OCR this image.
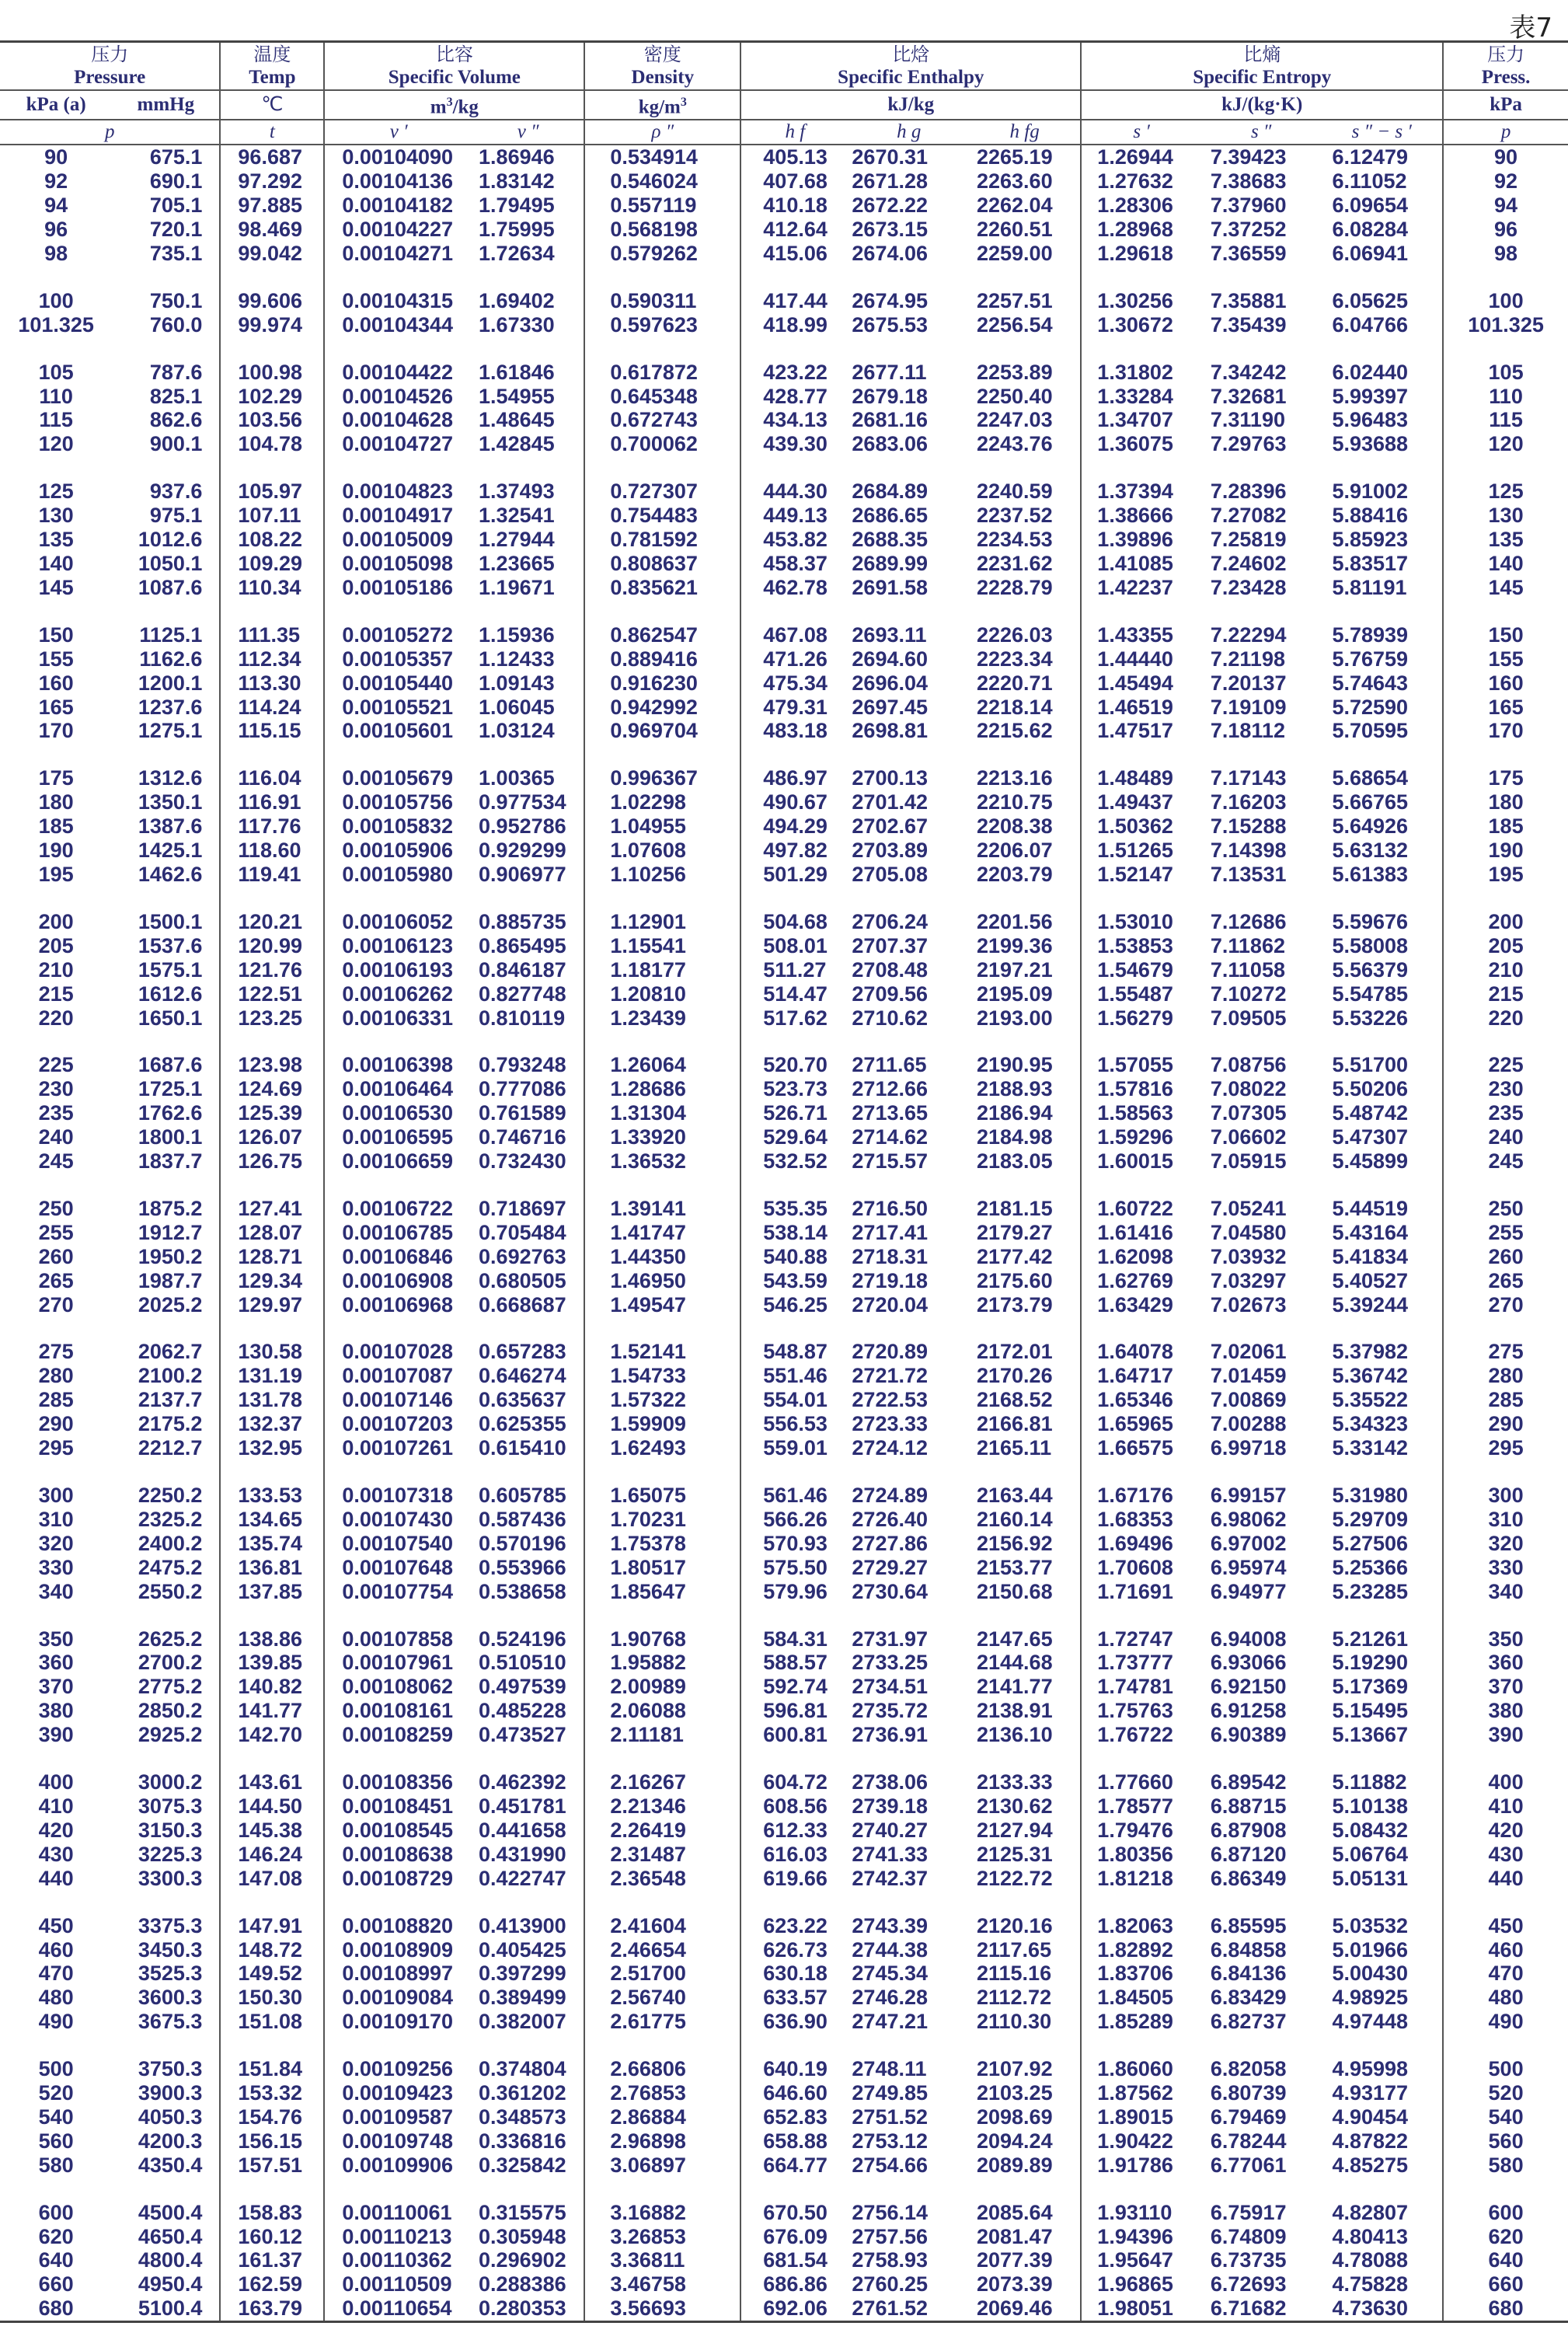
表7
压力		温度	比容		密度	比焓			比熵			压力
Pressure		Temp	Specific Volume		Density	Specific Enthalpy			Specific Entropy			Press.
kPa (a)	mmHg	℃	$m^3/kg$		$kg/m^3$	kJ/kg			kJ/(kg·K)			kPa
p		t	v ′	v ″	ρ ″	h f	h g	h fg	s ′	s ″	s ″ − s ′	p
90	675.1	96.687	0.00104090	1.86946	0.534914	405.13	2670.31	2265.19	1.26944	7.39423	6.12479	90
92	690.1	97.292	0.00104136	1.83142	0.546024	407.68	2671.28	2263.60	1.27632	7.38683	6.11052	92
94	705.1	97.885	0.00104182	1.79495	0.557119	410.18	2672.22	2262.04	1.28306	7.37960	6.09654	94
96	720.1	98.469	0.00104227	1.75995	0.568198	412.64	2673.15	2260.51	1.28968	7.37252	6.08284	96
98	735.1	99.042	0.00104271	1.72634	0.579262	415.06	2674.06	2259.00	1.29618	7.36559	6.06941	98

100	750.1	99.606	0.00104315	1.69402	0.590311	417.44	2674.95	2257.51	1.30256	7.35881	6.05625	100
101.325	760.0	99.974	0.00104344	1.67330	0.597623	418.99	2675.53	2256.54	1.30672	7.35439	6.04766	101.325

105	787.6	100.98	0.00104422	1.61846	0.617872	423.22	2677.11	2253.89	1.31802	7.34242	6.02440	105
110	825.1	102.29	0.00104526	1.54955	0.645348	428.77	2679.18	2250.40	1.33284	7.32681	5.99397	110
115	862.6	103.56	0.00104628	1.48645	0.672743	434.13	2681.16	2247.03	1.34707	7.31190	5.96483	115
120	900.1	104.78	0.00104727	1.42845	0.700062	439.30	2683.06	2243.76	1.36075	7.29763	5.93688	120

125	937.6	105.97	0.00104823	1.37493	0.727307	444.30	2684.89	2240.59	1.37394	7.28396	5.91002	125
130	975.1	107.11	0.00104917	1.32541	0.754483	449.13	2686.65	2237.52	1.38666	7.27082	5.88416	130
135	1012.6	108.22	0.00105009	1.27944	0.781592	453.82	2688.35	2234.53	1.39896	7.25819	5.85923	135
140	1050.1	109.29	0.00105098	1.23665	0.808637	458.37	2689.99	2231.62	1.41085	7.24602	5.83517	140
145	1087.6	110.34	0.00105186	1.19671	0.835621	462.78	2691.58	2228.79	1.42237	7.23428	5.81191	145

150	1125.1	111.35	0.00105272	1.15936	0.862547	467.08	2693.11	2226.03	1.43355	7.22294	5.78939	150
155	1162.6	112.34	0.00105357	1.12433	0.889416	471.26	2694.60	2223.34	1.44440	7.21198	5.76759	155
160	1200.1	113.30	0.00105440	1.09143	0.916230	475.34	2696.04	2220.71	1.45494	7.20137	5.74643	160
165	1237.6	114.24	0.00105521	1.06045	0.942992	479.31	2697.45	2218.14	1.46519	7.19109	5.72590	165
170	1275.1	115.15	0.00105601	1.03124	0.969704	483.18	2698.81	2215.62	1.47517	7.18112	5.70595	170

175	1312.6	116.04	0.00105679	1.00365	0.996367	486.97	2700.13	2213.16	1.48489	7.17143	5.68654	175
180	1350.1	116.91	0.00105756	0.977534	1.02298	490.67	2701.42	2210.75	1.49437	7.16203	5.66765	180
185	1387.6	117.76	0.00105832	0.952786	1.04955	494.29	2702.67	2208.38	1.50362	7.15288	5.64926	185
190	1425.1	118.60	0.00105906	0.929299	1.07608	497.82	2703.89	2206.07	1.51265	7.14398	5.63132	190
195	1462.6	119.41	0.00105980	0.906977	1.10256	501.29	2705.08	2203.79	1.52147	7.13531	5.61383	195

200	1500.1	120.21	0.00106052	0.885735	1.12901	504.68	2706.24	2201.56	1.53010	7.12686	5.59676	200
205	1537.6	120.99	0.00106123	0.865495	1.15541	508.01	2707.37	2199.36	1.53853	7.11862	5.58008	205
210	1575.1	121.76	0.00106193	0.846187	1.18177	511.27	2708.48	2197.21	1.54679	7.11058	5.56379	210
215	1612.6	122.51	0.00106262	0.827748	1.20810	514.47	2709.56	2195.09	1.55487	7.10272	5.54785	215
220	1650.1	123.25	0.00106331	0.810119	1.23439	517.62	2710.62	2193.00	1.56279	7.09505	5.53226	220

225	1687.6	123.98	0.00106398	0.793248	1.26064	520.70	2711.65	2190.95	1.57055	7.08756	5.51700	225
230	1725.1	124.69	0.00106464	0.777086	1.28686	523.73	2712.66	2188.93	1.57816	7.08022	5.50206	230
235	1762.6	125.39	0.00106530	0.761589	1.31304	526.71	2713.65	2186.94	1.58563	7.07305	5.48742	235
240	1800.1	126.07	0.00106595	0.746716	1.33920	529.64	2714.62	2184.98	1.59296	7.06602	5.47307	240
245	1837.7	126.75	0.00106659	0.732430	1.36532	532.52	2715.57	2183.05	1.60015	7.05915	5.45899	245

250	1875.2	127.41	0.00106722	0.718697	1.39141	535.35	2716.50	2181.15	1.60722	7.05241	5.44519	250
255	1912.7	128.07	0.00106785	0.705484	1.41747	538.14	2717.41	2179.27	1.61416	7.04580	5.43164	255
260	1950.2	128.71	0.00106846	0.692763	1.44350	540.88	2718.31	2177.42	1.62098	7.03932	5.41834	260
265	1987.7	129.34	0.00106908	0.680505	1.46950	543.59	2719.18	2175.60	1.62769	7.03297	5.40527	265
270	2025.2	129.97	0.00106968	0.668687	1.49547	546.25	2720.04	2173.79	1.63429	7.02673	5.39244	270

275	2062.7	130.58	0.00107028	0.657283	1.52141	548.87	2720.89	2172.01	1.64078	7.02061	5.37982	275
280	2100.2	131.19	0.00107087	0.646274	1.54733	551.46	2721.72	2170.26	1.64717	7.01459	5.36742	280
285	2137.7	131.78	0.00107146	0.635637	1.57322	554.01	2722.53	2168.52	1.65346	7.00869	5.35522	285
290	2175.2	132.37	0.00107203	0.625355	1.59909	556.53	2723.33	2166.81	1.65965	7.00288	5.34323	290
295	2212.7	132.95	0.00107261	0.615410	1.62493	559.01	2724.12	2165.11	1.66575	6.99718	5.33142	295

300	2250.2	133.53	0.00107318	0.605785	1.65075	561.46	2724.89	2163.44	1.67176	6.99157	5.31980	300
310	2325.2	134.65	0.00107430	0.587436	1.70231	566.26	2726.40	2160.14	1.68353	6.98062	5.29709	310
320	2400.2	135.74	0.00107540	0.570196	1.75378	570.93	2727.86	2156.92	1.69496	6.97002	5.27506	320
330	2475.2	136.81	0.00107648	0.553966	1.80517	575.50	2729.27	2153.77	1.70608	6.95974	5.25366	330
340	2550.2	137.85	0.00107754	0.538658	1.85647	579.96	2730.64	2150.68	1.71691	6.94977	5.23285	340

350	2625.2	138.86	0.00107858	0.524196	1.90768	584.31	2731.97	2147.65	1.72747	6.94008	5.21261	350
360	2700.2	139.85	0.00107961	0.510510	1.95882	588.57	2733.25	2144.68	1.73777	6.93066	5.19290	360
370	2775.2	140.82	0.00108062	0.497539	2.00989	592.74	2734.51	2141.77	1.74781	6.92150	5.17369	370
380	2850.2	141.77	0.00108161	0.485228	2.06088	596.81	2735.72	2138.91	1.75763	6.91258	5.15495	380
390	2925.2	142.70	0.00108259	0.473527	2.11181	600.81	2736.91	2136.10	1.76722	6.90389	5.13667	390

400	3000.2	143.61	0.00108356	0.462392	2.16267	604.72	2738.06	2133.33	1.77660	6.89542	5.11882	400
410	3075.3	144.50	0.00108451	0.451781	2.21346	608.56	2739.18	2130.62	1.78577	6.88715	5.10138	410
420	3150.3	145.38	0.00108545	0.441658	2.26419	612.33	2740.27	2127.94	1.79476	6.87908	5.08432	420
430	3225.3	146.24	0.00108638	0.431990	2.31487	616.03	2741.33	2125.31	1.80356	6.87120	5.06764	430
440	3300.3	147.08	0.00108729	0.422747	2.36548	619.66	2742.37	2122.72	1.81218	6.86349	5.05131	440

450	3375.3	147.91	0.00108820	0.413900	2.41604	623.22	2743.39	2120.16	1.82063	6.85595	5.03532	450
460	3450.3	148.72	0.00108909	0.405425	2.46654	626.73	2744.38	2117.65	1.82892	6.84858	5.01966	460
470	3525.3	149.52	0.00108997	0.397299	2.51700	630.18	2745.34	2115.16	1.83706	6.84136	5.00430	470
480	3600.3	150.30	0.00109084	0.389499	2.56740	633.57	2746.28	2112.72	1.84505	6.83429	4.98925	480
490	3675.3	151.08	0.00109170	0.382007	2.61775	636.90	2747.21	2110.30	1.85289	6.82737	4.97448	490

500	3750.3	151.84	0.00109256	0.374804	2.66806	640.19	2748.11	2107.92	1.86060	6.82058	4.95998	500
520	3900.3	153.32	0.00109423	0.361202	2.76853	646.60	2749.85	2103.25	1.87562	6.80739	4.93177	520
540	4050.3	154.76	0.00109587	0.348573	2.86884	652.83	2751.52	2098.69	1.89015	6.79469	4.90454	540
560	4200.3	156.15	0.00109748	0.336816	2.96898	658.88	2753.12	2094.24	1.90422	6.78244	4.87822	560
580	4350.4	157.51	0.00109906	0.325842	3.06897	664.77	2754.66	2089.89	1.91786	6.77061	4.85275	580

600	4500.4	158.83	0.00110061	0.315575	3.16882	670.50	2756.14	2085.64	1.93110	6.75917	4.82807	600
620	4650.4	160.12	0.00110213	0.305948	3.26853	676.09	2757.56	2081.47	1.94396	6.74809	4.80413	620
640	4800.4	161.37	0.00110362	0.296902	3.36811	681.54	2758.93	2077.39	1.95647	6.73735	4.78088	640
660	4950.4	162.59	0.00110509	0.288386	3.46758	686.86	2760.25	2073.39	1.96865	6.72693	4.75828	660
680	5100.4	163.79	0.00110654	0.280353	3.56693	692.06	2761.52	2069.46	1.98051	6.71682	4.73630	680
